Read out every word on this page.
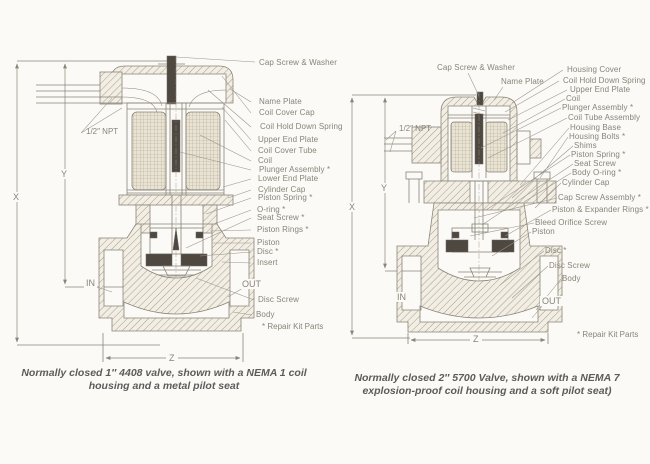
Cap Screw & Washer
Name Plate
Coil Cover Cap
Coil Hold Down Spring
Upper End Plate
Coil Cover Tube
Coil
Plunger Assembly *
Lower End Plate
Cylinder Cap
Piston Spring *
O-ring *
Seat Screw *
Piston Rings *
Piston
Disc *
Insert
Disc Screw
Body
Cap Screw & Washer
Name Plate
Housing Cover
Coil Hold Down Spring
Upper End Plate
Coil
Plunger Assembly *
Coil Tube Assembly
Housing Base
Housing Bolts *
Shims
Piston Spring *
Seat Screw
Body O-ring *
Cylinder Cap
Cap Screw Assembly *
Piston & Expander Rings *
Bleed Orifice Screw
Piston
Disc *
Disc Screw
Body
X
Y
Z
1/2″ NPT
IN	OUT
* Repair Kit Parts
X
Y
Z
1/2″ NPT
IN	OUT
* Repair Kit Parts
Normally closed 1″ 4408 valve, shown with a NEMA 1 coil housing and a metal pilot seat
Normally closed 2″ 5700 Valve, shown with a NEMA 7 explosion-proof coil housing and a soft pilot seat)
